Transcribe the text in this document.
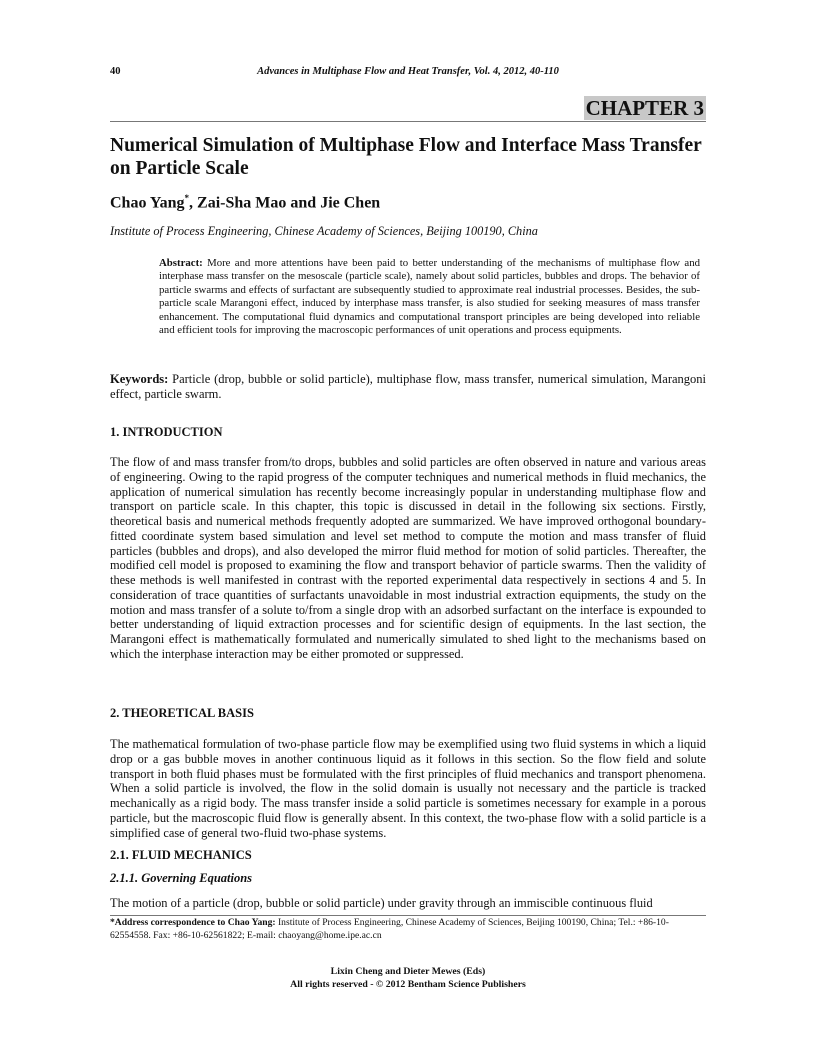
40	Advances in Multiphase Flow and Heat Transfer, Vol. 4, 2012, 40-110
CHAPTER 3
Numerical Simulation of Multiphase Flow and Interface Mass Transfer on Particle Scale
Chao Yang*, Zai-Sha Mao and Jie Chen
Institute of Process Engineering, Chinese Academy of Sciences, Beijing 100190, China
Abstract: More and more attentions have been paid to better understanding of the mechanisms of multiphase flow and interphase mass transfer on the mesoscale (particle scale), namely about solid particles, bubbles and drops. The behavior of particle swarms and effects of surfactant are subsequently studied to approximate real industrial processes. Besides, the sub-particle scale Marangoni effect, induced by interphase mass transfer, is also studied for seeking measures of mass transfer enhancement. The computational fluid dynamics and computational transport principles are being developed into reliable and efficient tools for improving the macroscopic performances of unit operations and process equipments.
Keywords: Particle (drop, bubble or solid particle), multiphase flow, mass transfer, numerical simulation, Marangoni effect, particle swarm.
1. INTRODUCTION
The flow of and mass transfer from/to drops, bubbles and solid particles are often observed in nature and various areas of engineering. Owing to the rapid progress of the computer techniques and numerical methods in fluid mechanics, the application of numerical simulation has recently become increasingly popular in understanding multiphase flow and transport on particle scale. In this chapter, this topic is discussed in detail in the following six sections. Firstly, theoretical basis and numerical methods frequently adopted are summarized. We have improved orthogonal boundary-fitted coordinate system based simulation and level set method to compute the motion and mass transfer of fluid particles (bubbles and drops), and also developed the mirror fluid method for motion of solid particles. Thereafter, the modified cell model is proposed to examining the flow and transport behavior of particle swarms. Then the validity of these methods is well manifested in contrast with the reported experimental data respectively in sections 4 and 5. In consideration of trace quantities of surfactants unavoidable in most industrial extraction equipments, the study on the motion and mass transfer of a solute to/from a single drop with an adsorbed surfactant on the interface is expounded to better understanding of liquid extraction processes and for scientific design of equipments. In the last section, the Marangoni effect is mathematically formulated and numerically simulated to shed light to the mechanisms based on which the interphase interaction may be either promoted or suppressed.
2. THEORETICAL BASIS
The mathematical formulation of two-phase particle flow may be exemplified using two fluid systems in which a liquid drop or a gas bubble moves in another continuous liquid as it follows in this section. So the flow field and solute transport in both fluid phases must be formulated with the first principles of fluid mechanics and transport phenomena. When a solid particle is involved, the flow in the solid domain is usually not necessary and the particle is tracked mechanically as a rigid body. The mass transfer inside a solid particle is sometimes necessary for example in a porous particle, but the macroscopic fluid flow is generally absent. In this context, the two-phase flow with a solid particle is a simplified case of general two-fluid two-phase systems.
2.1. FLUID MECHANICS
2.1.1. Governing Equations
The motion of a particle (drop, bubble or solid particle) under gravity through an immiscible continuous fluid
*Address correspondence to Chao Yang: Institute of Process Engineering, Chinese Academy of Sciences, Beijing 100190, China; Tel.: +86-10-62554558. Fax: +86-10-62561822; E-mail: chaoyang@home.ipe.ac.cn
Lixin Cheng and Dieter Mewes (Eds)
All rights reserved - © 2012 Bentham Science Publishers
